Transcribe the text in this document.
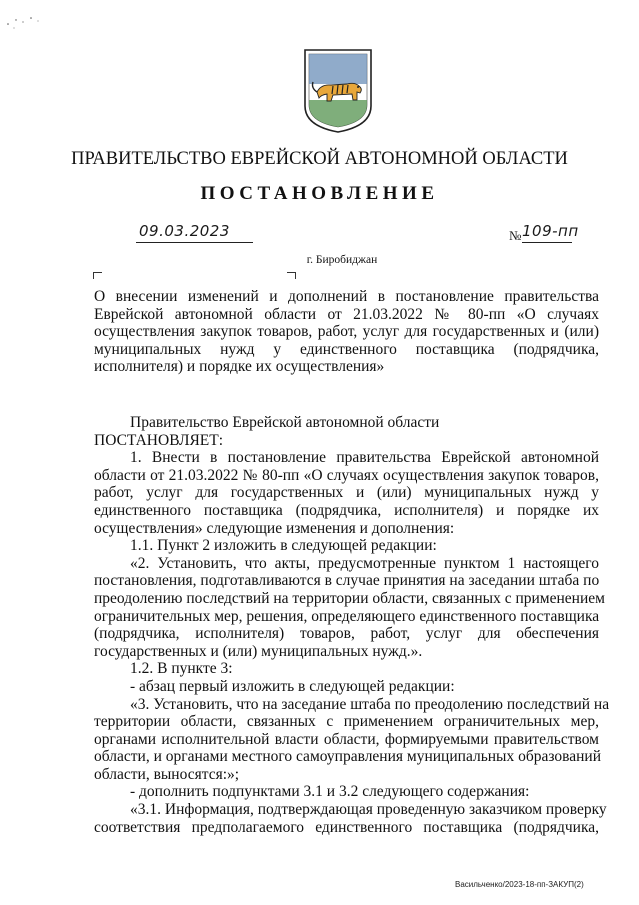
ПРАВИТЕЛЬСТВО ЕВРЕЙСКОЙ АВТОНОМНОЙ ОБЛАСТИ
ПОСТАНОВЛЕНИЕ
09.03.2023	№ 109-пп
г. Биробиджан
О внесении изменений и дополнений в постановление правительства
Еврейской автономной области от 21.03.2022 № 80-пп «О случаях
осуществления закупок товаров, работ, услуг для государственных и (или)
муниципальных нужд у единственного поставщика (подрядчика,
исполнителя) и порядке их осуществления»
Правительство Еврейской автономной области
ПОСТАНОВЛЯЕТ:
1. Внести в постановление правительства Еврейской автономной
области от 21.03.2022 № 80-пп «О случаях осуществления закупок товаров,
работ, услуг для государственных и (или) муниципальных нужд у
единственного поставщика (подрядчика, исполнителя) и порядке их
осуществления» следующие изменения и дополнения:
1.1. Пункт 2 изложить в следующей редакции:
«2. Установить, что акты, предусмотренные пунктом 1 настоящего
постановления, подготавливаются в случае принятия на заседании штаба по
преодолению последствий на территории области, связанных с применением
ограничительных мер, решения, определяющего единственного поставщика
(подрядчика, исполнителя) товаров, работ, услуг для обеспечения
государственных и (или) муниципальных нужд.».
1.2. В пункте 3:
- абзац первый изложить в следующей редакции:
«3. Установить, что на заседание штаба по преодолению последствий на
территории области, связанных с применением ограничительных мер,
органами исполнительной власти области, формируемыми правительством
области, и органами местного самоуправления муниципальных образований
области, выносятся:»;
- дополнить подпунктами 3.1 и 3.2 следующего содержания:
«3.1. Информация, подтверждающая проведенную заказчиком проверку
соответствия предполагаемого единственного поставщика (подрядчика,
Васильченко/2023-18-пп-ЗАКУП(2)
